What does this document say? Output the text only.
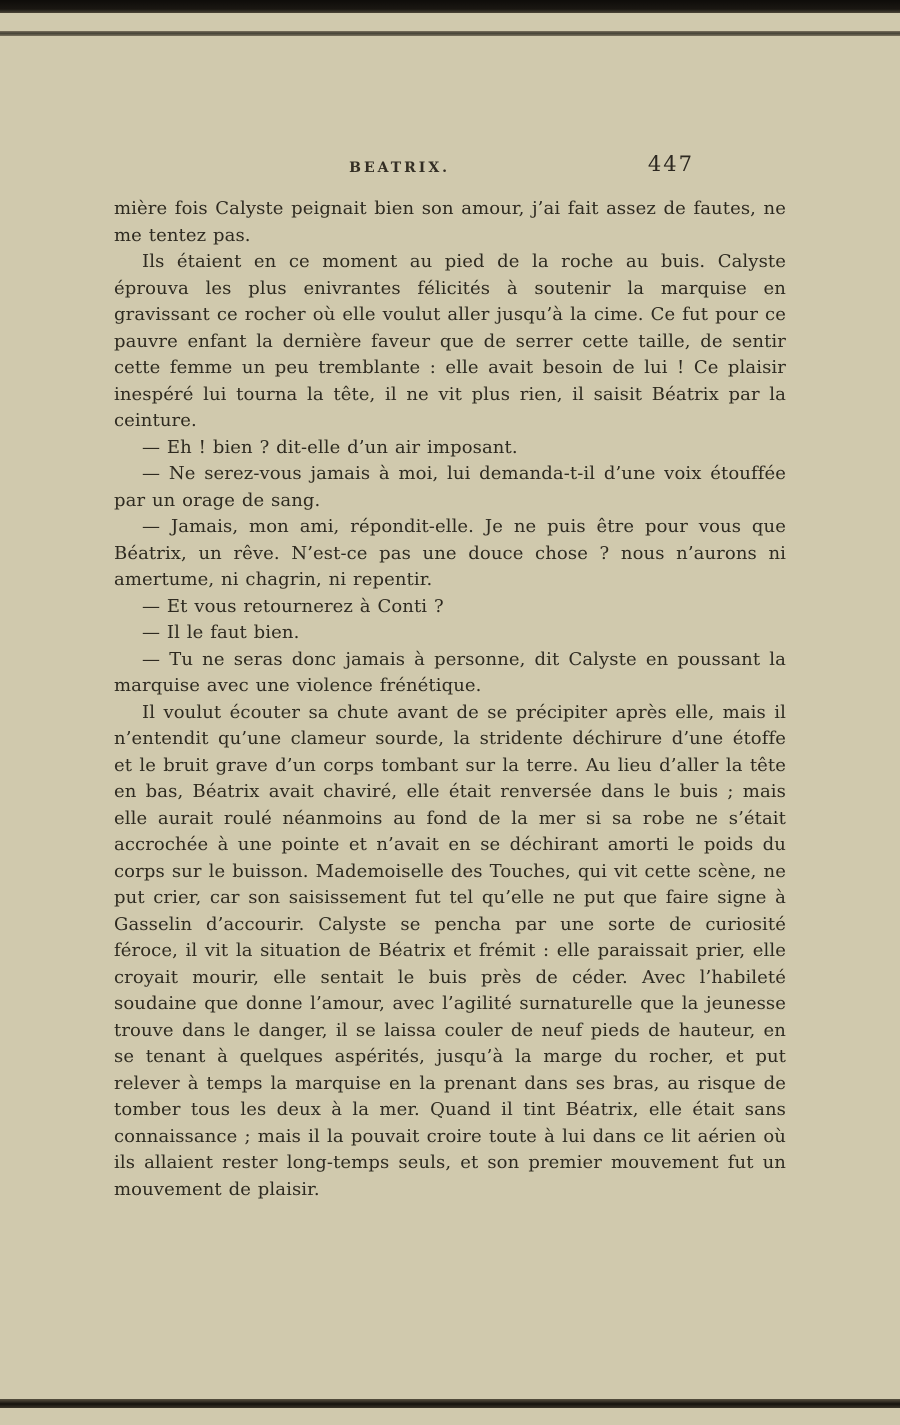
BEATRIX.	447

mière fois Calyste peignait bien son amour, j’ai fait assez de fautes, ne me tentez pas.

Ils étaient en ce moment au pied de la roche au buis. Calyste éprouva les plus enivrantes félicités à soutenir la marquise en gravissant ce rocher où elle voulut aller jusqu’à la cime. Ce fut pour ce pauvre enfant la dernière faveur que de serrer cette taille, de sentir cette femme un peu tremblante : elle avait besoin de lui ! Ce plaisir inespéré lui tourna la tête, il ne vit plus rien, il saisit Béatrix par la ceinture.

— Eh ! bien ? dit-elle d’un air imposant.

— Ne serez-vous jamais à moi, lui demanda-t-il d’une voix étouffée par un orage de sang.

— Jamais, mon ami, répondit-elle. Je ne puis être pour vous que Béatrix, un rêve. N’est-ce pas une douce chose ? nous n’aurons ni amertume, ni chagrin, ni repentir.

— Et vous retournerez à Conti ?

— Il le faut bien.

— Tu ne seras donc jamais à personne, dit Calyste en poussant la marquise avec une violence frénétique.

Il voulut écouter sa chute avant de se précipiter après elle, mais il n’entendit qu’une clameur sourde, la stridente déchirure d’une étoffe et le bruit grave d’un corps tombant sur la terre. Au lieu d’aller la tête en bas, Béatrix avait chaviré, elle était renversée dans le buis ; mais elle aurait roulé néanmoins au fond de la mer si sa robe ne s’était accrochée à une pointe et n’avait en se déchirant amorti le poids du corps sur le buisson. Mademoiselle des Touches, qui vit cette scène, ne put crier, car son saisissement fut tel qu’elle ne put que faire signe à Gasselin d’accourir. Calyste se pencha par une sorte de curiosité féroce, il vit la situation de Béatrix et frémit : elle paraissait prier, elle croyait mourir, elle sentait le buis près de céder. Avec l’habileté soudaine que donne l’amour, avec l’agilité surnaturelle que la jeunesse trouve dans le danger, il se laissa couler de neuf pieds de hauteur, en se tenant à quelques aspérités, jusqu’à la marge du rocher, et put relever à temps la marquise en la prenant dans ses bras, au risque de tomber tous les deux à la mer. Quand il tint Béatrix, elle était sans connaissance ; mais il la pouvait croire toute à lui dans ce lit aérien où ils allaient rester long-temps seuls, et son premier mouvement fut un mouvement de plaisir.
